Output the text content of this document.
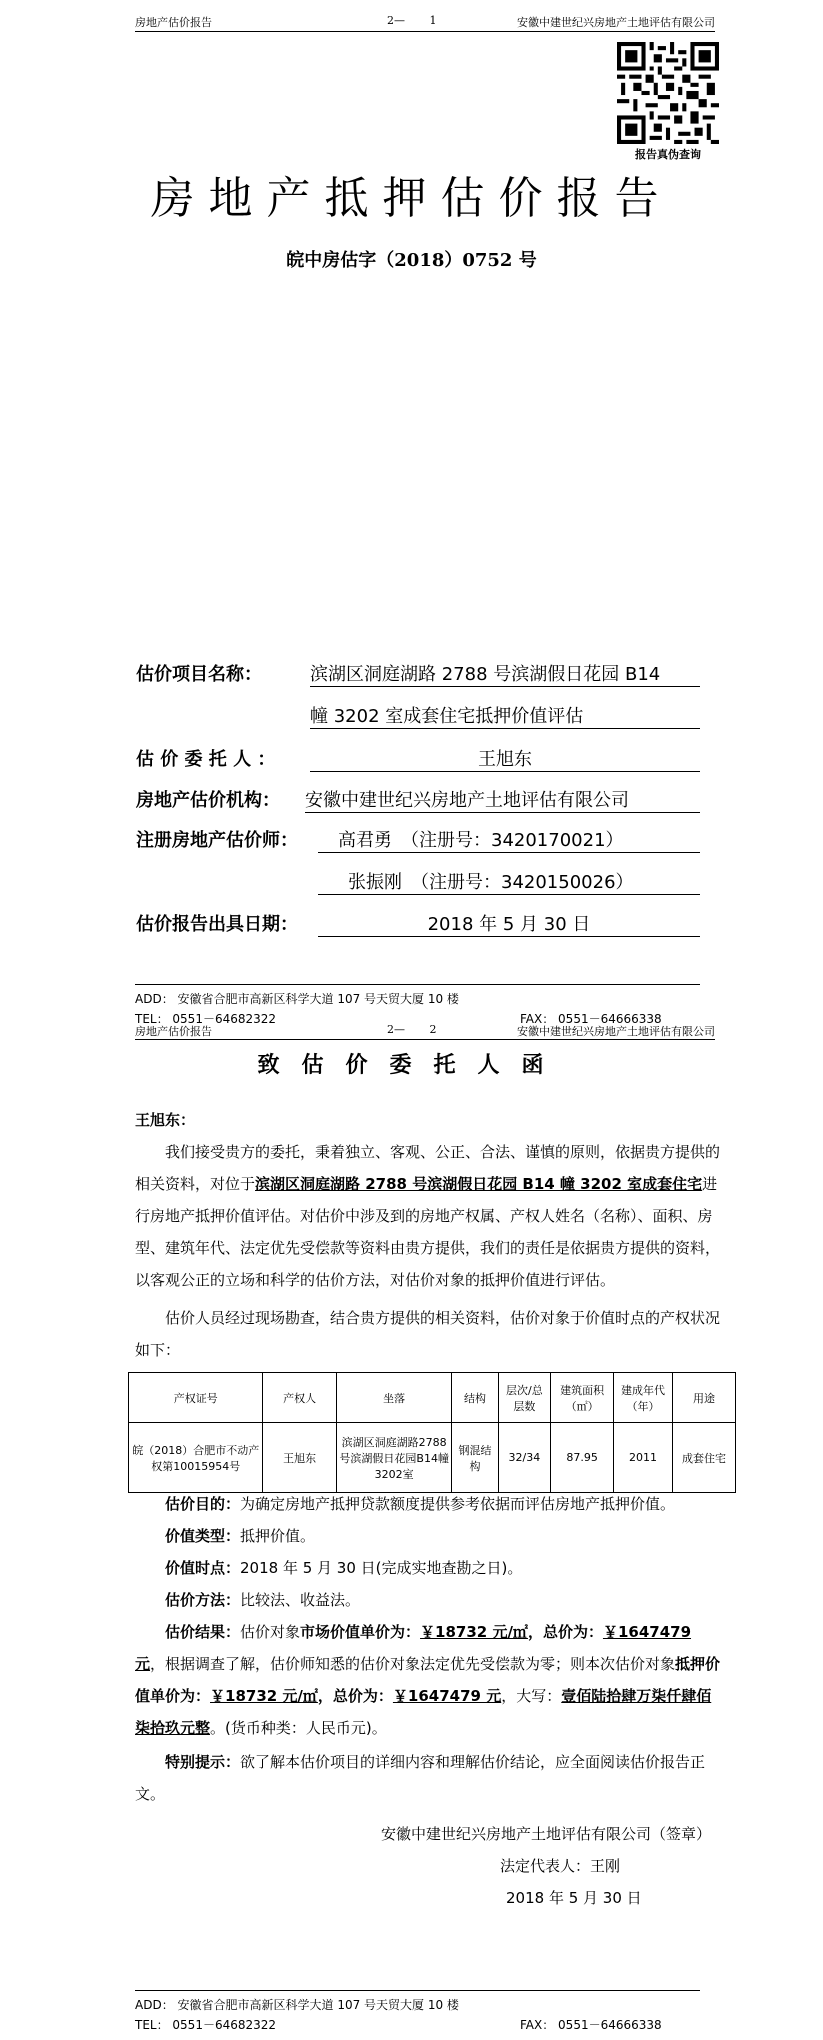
房地产估价报告	2— 1	安徽中建世纪兴房地产土地评估有限公司
报告真伪查询
房地产抵押估价报告
皖中房估字（2018）0752 号
估价项目名称：	滨湖区洞庭湖路 2788 号滨湖假日花园 B14
幢 3202 室成套住宅抵押价值评估
估 价 委 托 人 ：	王旭东
房地产估价机构： 安徽中建世纪兴房地产土地评估有限公司
注册房地产估价师：	高君勇　（注册号：3420170021）
张振刚　（注册号：3420150026）
估价报告出具日期：	2018 年 5 月 30 日
ADD： 安徽省合肥市高新区科学大道 107 号天贸大厦 10 楼
TEL： 0551－64682322	FAX： 0551－64666338
房地产估价报告	2— 2	安徽中建世纪兴房地产土地评估有限公司
致估价委托人函
王旭东：
我们接受贵方的委托，秉着独立、客观、公正、合法、谨慎的原则，依据贵方提供的相关资料，对位于滨湖区洞庭湖路 2788 号滨湖假日花园 B14 幢 3202 室成套住宅进行房地产抵押价值评估。对估价中涉及到的房地产权属、产权人姓名（名称）、面积、房型、建筑年代、法定优先受偿款等资料由贵方提供，我们的责任是依据贵方提供的资料，以客观公正的立场和科学的估价方法，对估价对象的抵押价值进行评估。
估价人员经过现场勘查，结合贵方提供的相关资料，估价对象于价值时点的产权状况如下：
产权证号	产权人	坐落	结构	层次/总层数	建筑面积（㎡）	建成年代（年）	用途
皖（2018）合肥市不动产权第10015954号	王旭东	滨湖区洞庭湖路2788号滨湖假日花园B14幢3202室	钢混结构	32/34	87.95	2011	成套住宅
估价目的：为确定房地产抵押贷款额度提供参考依据而评估房地产抵押价值。
价值类型：抵押价值。
价值时点：2018 年 5 月 30 日(完成实地查勘之日)。
估价方法：比较法、收益法。
估价结果：估价对象市场价值单价为：￥18732 元/㎡，总价为：￥1647479 元，根据调查了解，估价师知悉的估价对象法定优先受偿款为零；则本次估价对象抵押价值单价为：￥18732 元/㎡，总价为：￥1647479 元，大写：壹佰陆拾肆万柒仟肆佰柒拾玖元整。(货币种类：人民币元)。
特别提示：欲了解本估价项目的详细内容和理解估价结论，应全面阅读估价报告正文。
安徽中建世纪兴房地产土地评估有限公司（签章）
法定代表人：王刚
2018 年 5 月 30 日
ADD： 安徽省合肥市高新区科学大道 107 号天贸大厦 10 楼
TEL： 0551－64682322	FAX： 0551－64666338
